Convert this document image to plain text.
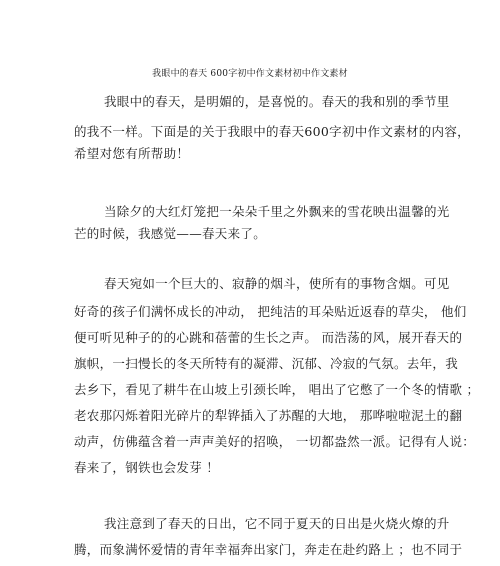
我眼中的春天 600字初中作文素材初中作文素材
我眼中的春天，是明媚的，是喜悦的。春天的我和别的季节里
的我不一样。下面是的关于我眼中的春天600字初中作文素材的内容，
希望对您有所帮助！
当除夕的大红灯笼把一朵朵千里之外飘来的雪花映出温馨的光
芒的时候，我感觉——春天来了。
春天宛如一个巨大的、寂静的烟斗，使所有的事物含烟。可见
好奇的孩子们满怀成长的冲动， 把纯洁的耳朵贴近返春的草尖， 他们
便可听见种子的的心跳和蓓蕾的生长之声。 而浩荡的风，展开春天的
旗帜，一扫慢长的冬天所特有的凝滞、沉郁、冷寂的气氛。去年，我
去乡下，看见了耕牛在山坡上引颈长哞， 唱出了它憋了一个冬的情歌 ；
老农那闪烁着阳光碎片的犁铧插入了苏醒的大地， 那哗啦啦泥土的翻
动声，仿佛蕴含着一声声美好的招唤， 一切都盎然一派。记得有人说：
春来了，钢铁也会发芽 ！
我注意到了春天的日出，它不同于夏天的日出是火烧火燎的升
腾，而象满怀爱情的青年幸福奔出家门，奔走在赴约路上 ；也不同于
